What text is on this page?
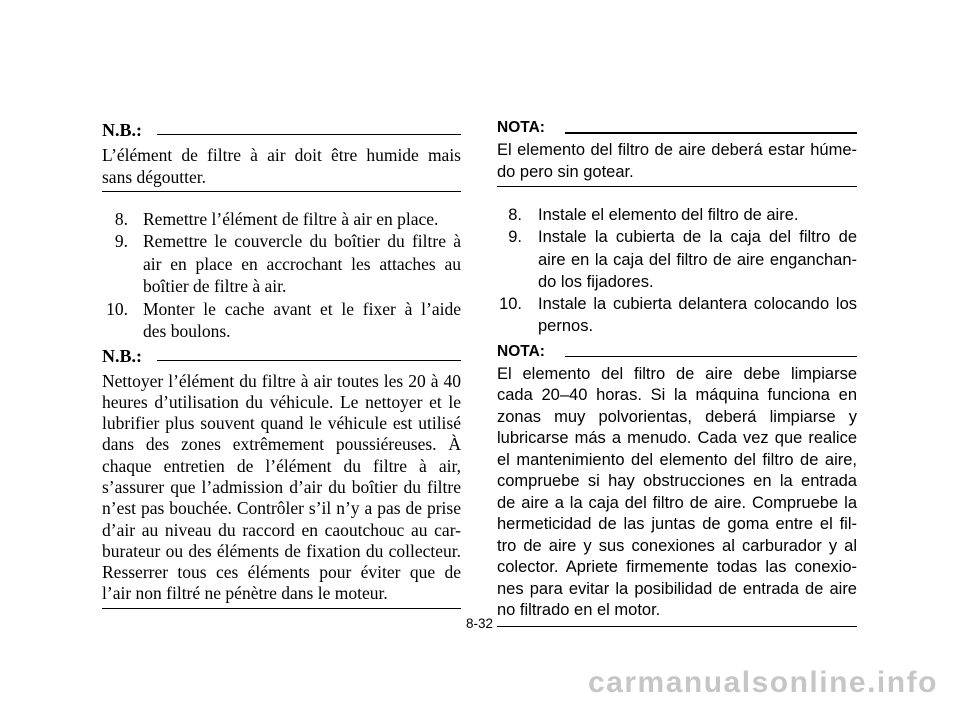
N.B.:
L’élément de filtre à air doit être humide mais
sans dégoutter.
8. Remettre l’élément de filtre à air en place.
9. Remettre le couvercle du boîtier du filtre à
air en place en accrochant les attaches au
boîtier de filtre à air.
10. Monter le cache avant et le fixer à l’aide
des boulons.
N.B.:
Nettoyer l’élément du filtre à air toutes les 20 à 40
heures d’utilisation du véhicule. Le nettoyer et le
lubrifier plus souvent quand le véhicule est utilisé
dans des zones extrêmement poussiéreuses. À
chaque entretien de l’élément du filtre à air,
s’assurer que l’admission d’air du boîtier du filtre
n’est pas bouchée. Contrôler s’il n’y a pas de prise
d’air au niveau du raccord en caoutchouc au car-
burateur ou des éléments de fixation du collecteur.
Resserrer tous ces éléments pour éviter que de
l’air non filtré ne pénètre dans le moteur.
NOTA:
El elemento del filtro de aire deberá estar húme-
do pero sin gotear.
8. Instale el elemento del filtro de aire.
9. Instale la cubierta de la caja del filtro de
aire en la caja del filtro de aire enganchan-
do los fijadores.
10. Instale la cubierta delantera colocando los
pernos.
NOTA:
El elemento del filtro de aire debe limpiarse
cada 20–40 horas. Si la máquina funciona en
zonas muy polvorientas, deberá limpiarse y
lubricarse más a menudo. Cada vez que realice
el mantenimiento del elemento del filtro de aire,
compruebe si hay obstrucciones en la entrada
de aire a la caja del filtro de aire. Compruebe la
hermeticidad de las juntas de goma entre el fil-
tro de aire y sus conexiones al carburador y al
colector. Apriete firmemente todas las conexio-
nes para evitar la posibilidad de entrada de aire
no filtrado en el motor.
8-32
carmanualsonline.info
